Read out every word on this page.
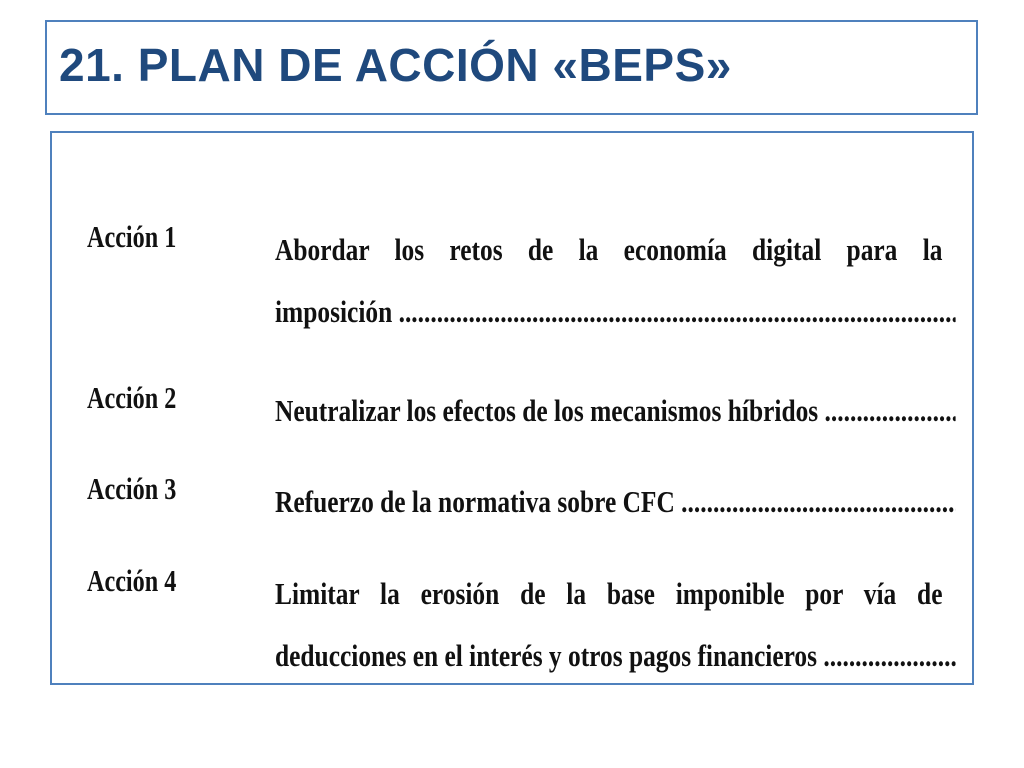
21. PLAN DE ACCIÓN «BEPS»
Acción 1	Abordar los retos de la economía digital para la
imposición .....
Acción 2	Neutralizar los efectos de los mecanismos híbridos .....
Acción 3	Refuerzo de la normativa sobre CFC .....
Acción 4	Limitar la erosión de la base imponible por vía de
deducciones en el interés y otros pagos financieros .....
